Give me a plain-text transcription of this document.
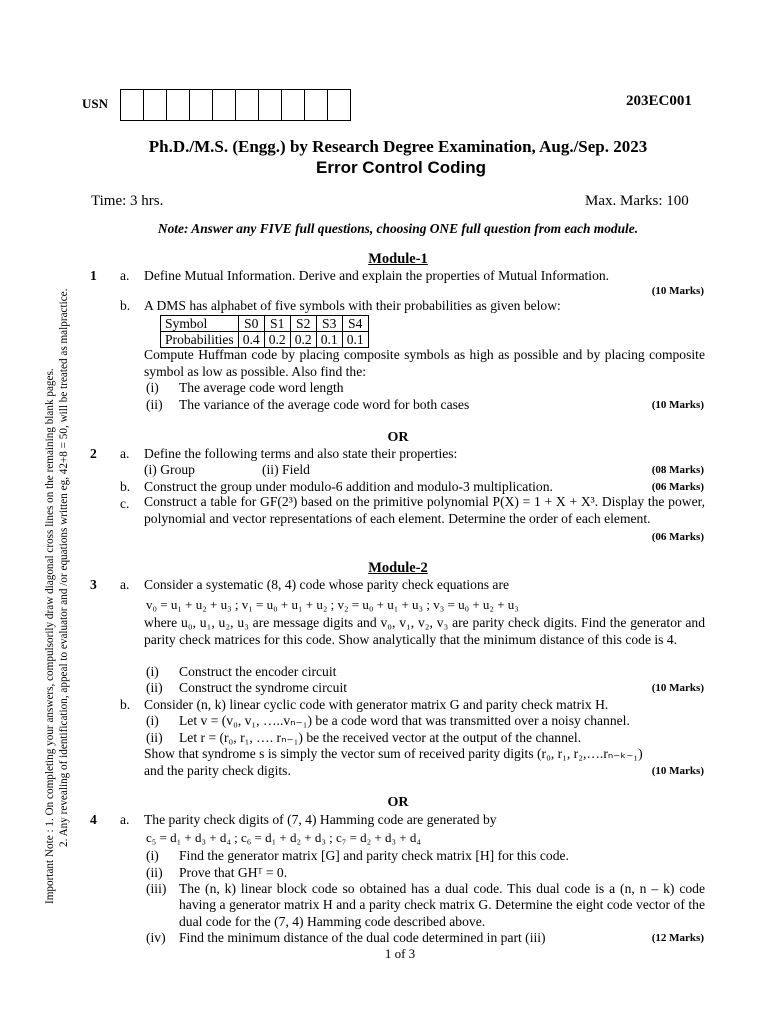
Important Note : 1. On completing your answers, compulsorily draw diagonal cross lines on the remaining blank pages. 2. Any revealing of identification, appeal to evaluator and /or equations written eg, 42+8 = 50, will be treated as malpractice.
USN	203EC001
Ph.D./M.S. (Engg.) by Research Degree Examination, Aug./Sep. 2023
Error Control Coding
Time: 3 hrs.	Max. Marks: 100
Note: Answer any FIVE full questions, choosing ONE full question from each module.
Module-1
1 a. Define Mutual Information. Derive and explain the properties of Mutual Information.
(10 Marks)
b. A DMS has alphabet of five symbols with their probabilities as given below:
Symbol	S0	S1	S2	S3	S4
Probabilities	0.4	0.2	0.2	0.1	0.1
Compute Huffman code by placing composite symbols as high as possible and by placing composite symbol as low as possible. Also find the:
(i) The average code word length
(ii) The variance of the average code word for both cases	(10 Marks)
OR
2 a. Define the following terms and also state their properties:
(i) Group	(ii) Field	(08 Marks)
b. Construct the group under modulo-6 addition and modulo-3 multiplication.	(06 Marks)
c. Construct a table for GF(2³) based on the primitive polynomial P(X) = 1 + X + X³. Display the power, polynomial and vector representations of each element. Determine the order of each element.
(06 Marks)
Module-2
3 a. Consider a systematic (8, 4) code whose parity check equations are
v₀ = u₁ + u₂ + u₃ ; v₁ = u₀ + u₁ + u₂ ; v₂ = u₀ + u₁ + u₃ ; v₃ = u₀ + u₂ + u₃
where u₀, u₁, u₂, u₃ are message digits and v₀, v₁, v₂, v₃ are parity check digits. Find the generator and parity check matrices for this code. Show analytically that the minimum distance of this code is 4.
(i) Construct the encoder circuit
(ii) Construct the syndrome circuit	(10 Marks)
b. Consider (n, k) linear cyclic code with generator matrix G and parity check matrix H.
(i) Let v = (v₀, v₁, …..vₙ₋₁) be a code word that was transmitted over a noisy channel.
(ii) Let r = (r₀, r₁, …. rₙ₋₁) be the received vector at the output of the channel.
Show that syndrome s is simply the vector sum of received parity digits (r₀, r₁, r₂,….rₙ₋ₖ₋₁)
and the parity check digits.	(10 Marks)
OR
4 a. The parity check digits of (7, 4) Hamming code are generated by
c₅ = d₁ + d₃ + d₄ ; c₆ = d₁ + d₂ + d₃ ; c₇ = d₂ + d₃ + d₄
(i) Find the generator matrix [G] and parity check matrix [H] for this code.
(ii) Prove that GHᵀ = 0.
(iii) The (n, k) linear block code so obtained has a dual code. This dual code is a (n, n – k) code having a generator matrix H and a parity check matrix G. Determine the eight code vector of the dual code for the (7, 4) Hamming code described above.
(iv) Find the minimum distance of the dual code determined in part (iii)	(12 Marks)
1 of 3
